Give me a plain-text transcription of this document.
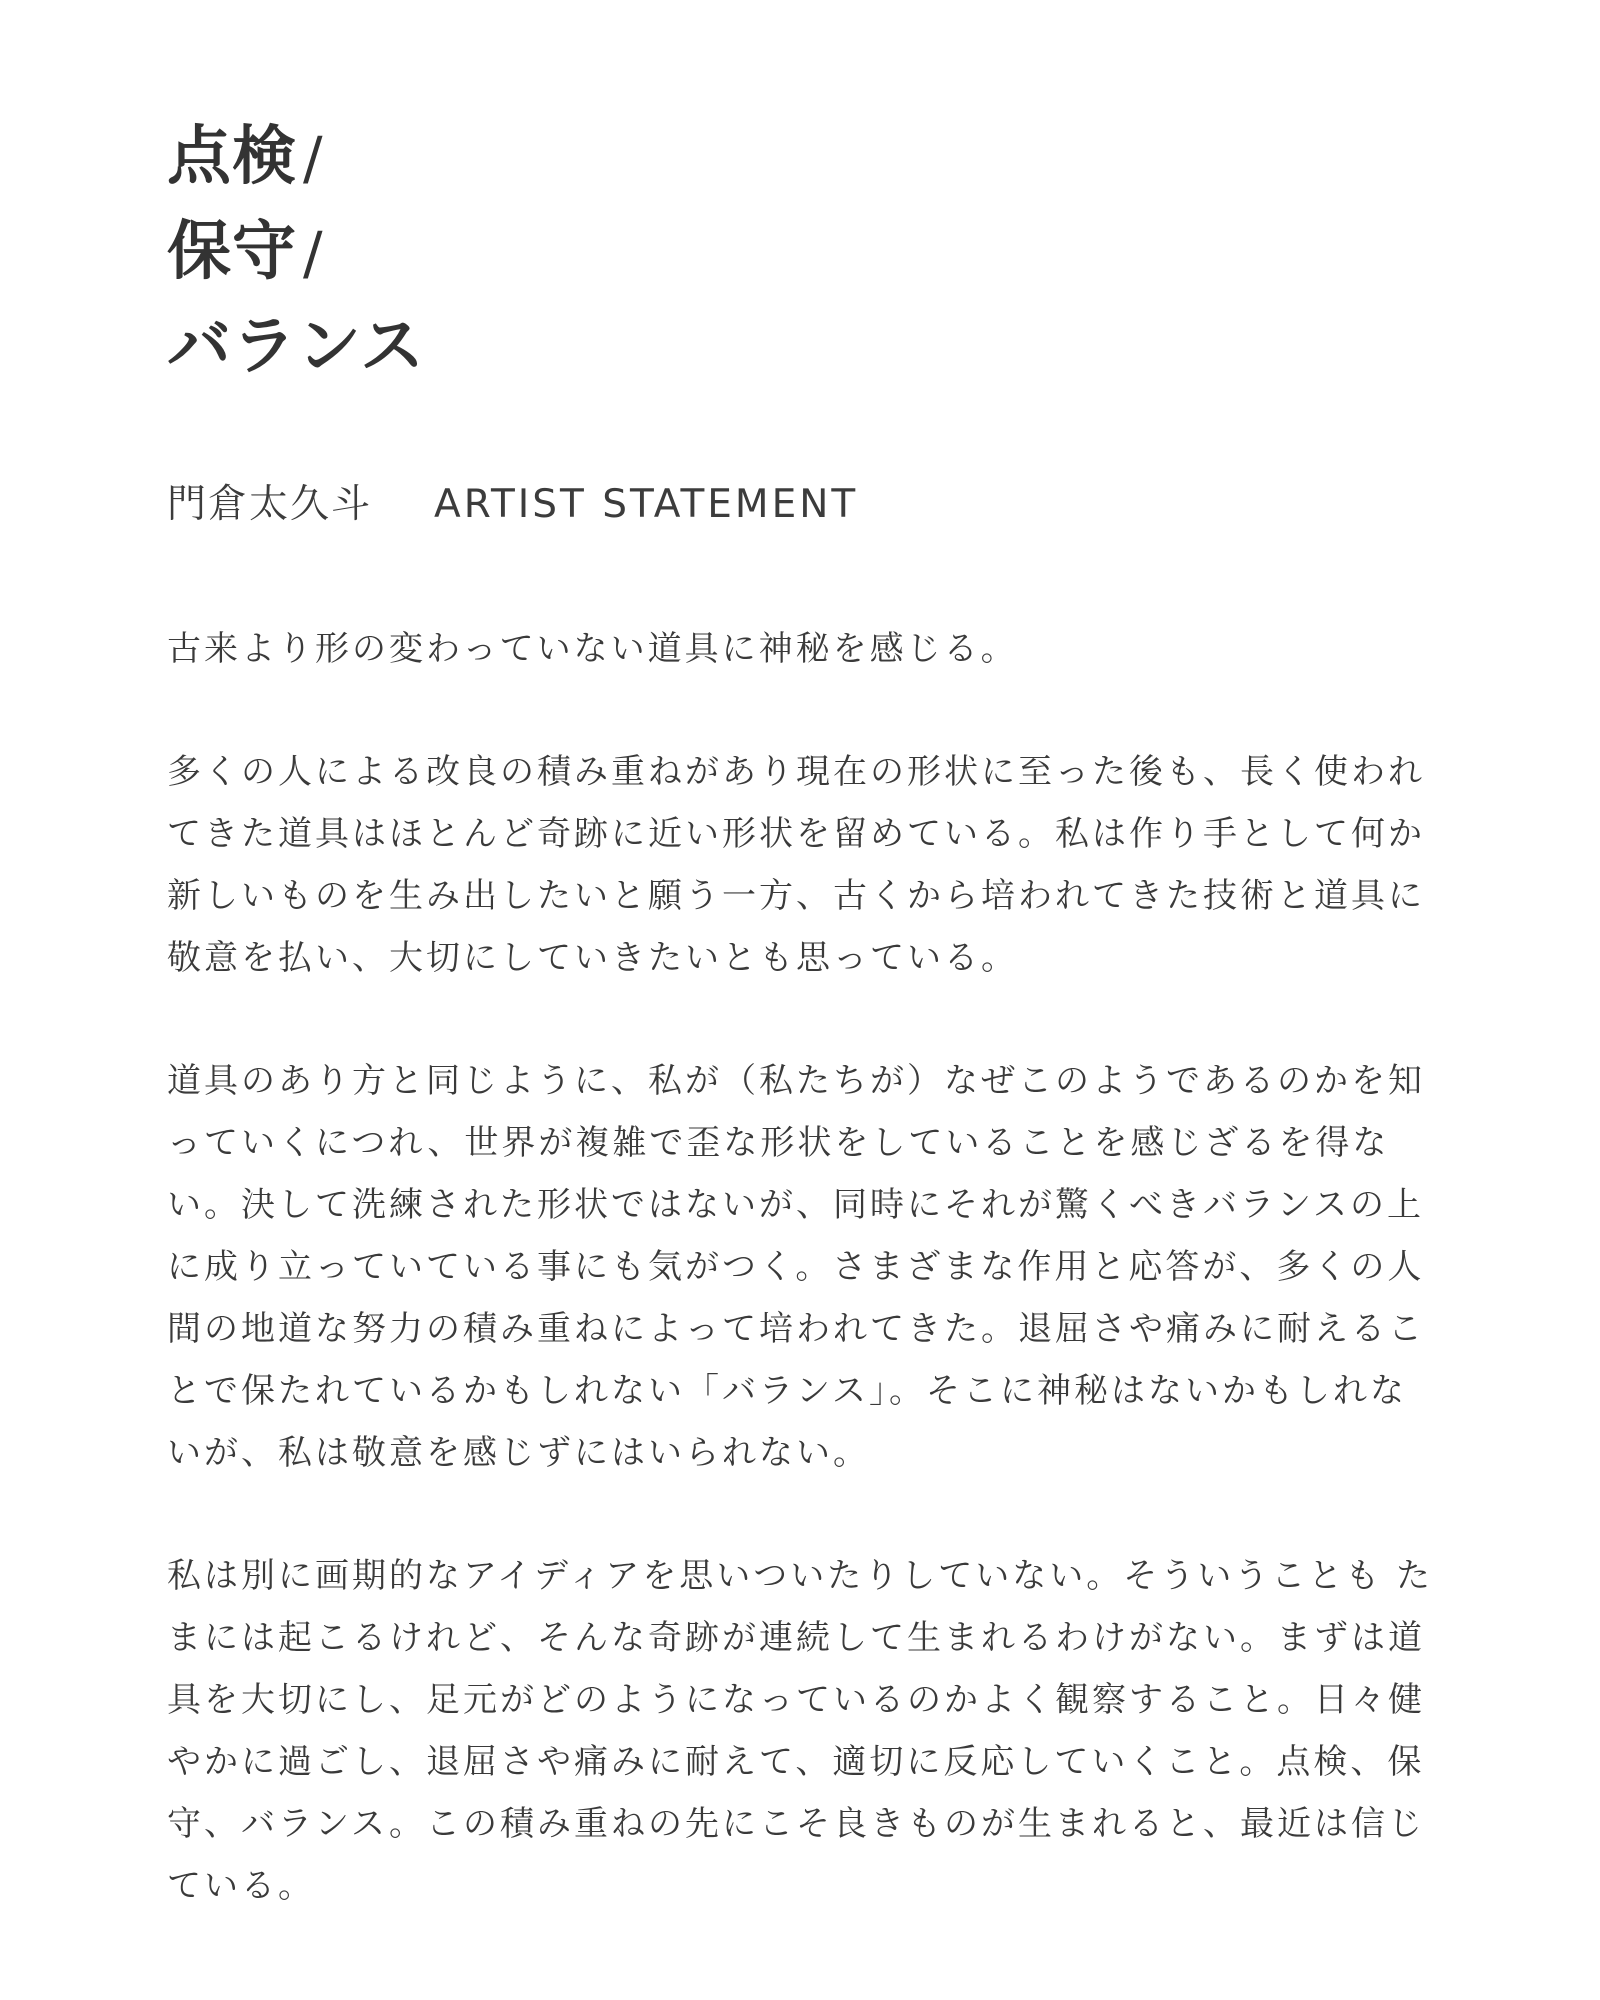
点検 /
保守 /
バランス
門倉太久斗 ARTIST STATEMENT

古来より形の変わっていない道具に神秘を感じる。

多くの人による改良の積み重ねがあり現在の形状に至った後も、長く使われてきた道具はほとんど奇跡に近い形状を留めている。私は作り手として何か新しいものを生み出したいと願う一方、古くから培われてきた技術と道具に敬意を払い、大切にしていきたいとも思っている。

道具のあり方と同じように、私が（私たちが）なぜこのようであるのかを知っていくにつれ、世界が複雑で歪な形状をしていることを感じざるを得ない。決して洗練された形状ではないが、同時にそれが驚くべきバランスの上に成り立っていている事にも気がつく。さまざまな作用と応答が、多くの人間の地道な努力の積み重ねによって培われてきた。退屈さや痛みに耐えることで保たれているかもしれない「バランス」。そこに神秘はないかもしれないが、私は敬意を感じずにはいられない。

私は別に画期的なアイディアを思いついたりしていない。そういうことも たまには起こるけれど、そんな奇跡が連続して生まれるわけがない。まずは道具を大切にし、足元がどのようになっているのかよく観察すること。日々健やかに過ごし、退屈さや痛みに耐えて、適切に反応していくこと。点検、保守、バランス。この積み重ねの先にこそ良きものが生まれると、最近は信じている。
